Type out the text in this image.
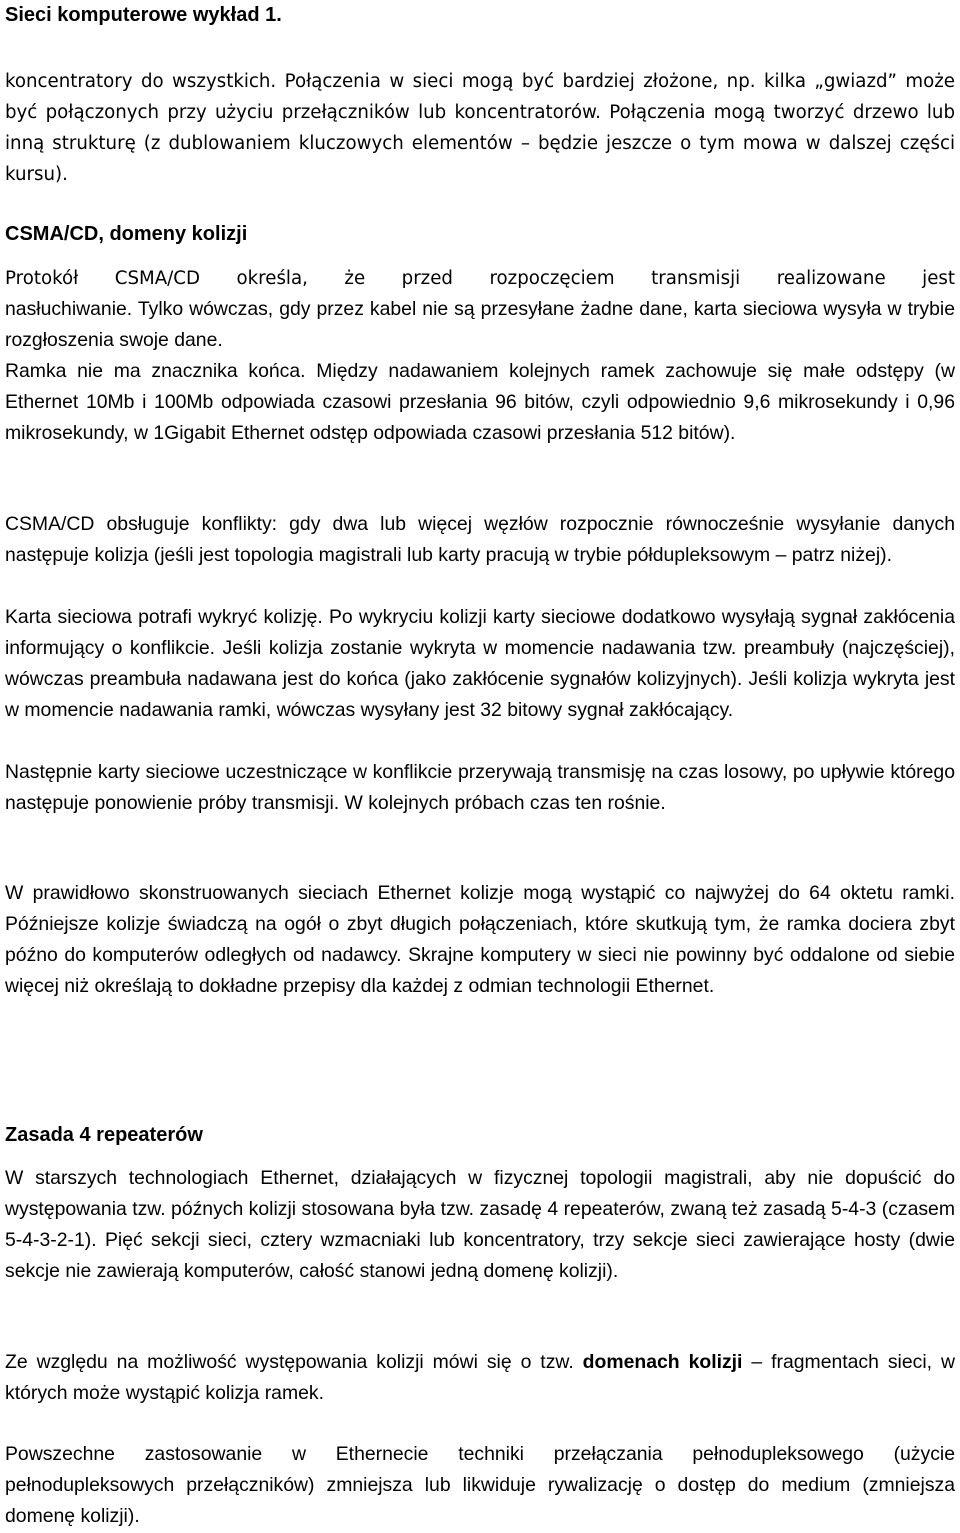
Sieci komputerowe wykład 1.
koncentratory do wszystkich. Połączenia w sieci mogą być bardziej złożone, np. kilka „gwiazd” może być połączonych przy użyciu przełączników lub koncentratorów. Połączenia mogą tworzyć drzewo lub inną strukturę (z dublowaniem kluczowych elementów – będzie jeszcze o tym mowa w dalszej części kursu).
CSMA/CD, domeny kolizji

Protokół CSMA/CD określa, że przed rozpoczęciem transmisji realizowane jest

nasłuchiwanie. Tylko wówczas, gdy przez kabel nie są przesyłane żadne dane, karta sieciowa wysyła w trybie rozgłoszenia swoje dane.

Ramka nie ma znacznika końca. Między nadawaniem kolejnych ramek zachowuje się małe odstępy (w Ethernet 10Mb i 100Mb odpowiada czasowi przesłania 96 bitów, czyli odpowiednio 9,6 mikrosekundy i 0,96 mikrosekundy, w 1Gigabit Ethernet odstęp odpowiada czasowi przesłania 512 bitów).
CSMA/CD obsługuje konflikty: gdy dwa lub więcej węzłów rozpocznie równocześnie wysyłanie danych następuje kolizja (jeśli jest topologia magistrali lub karty pracują w trybie półdupleksowym – patrz niżej).
Karta sieciowa potrafi wykryć kolizję. Po wykryciu kolizji karty sieciowe dodatkowo wysyłają sygnał zakłócenia informujący o konflikcie. Jeśli kolizja zostanie wykryta w momencie nadawania tzw. preambuły (najczęściej), wówczas preambuła nadawana jest do końca (jako zakłócenie sygnałów kolizyjnych). Jeśli kolizja wykryta jest w momencie nadawania ramki, wówczas wysyłany jest 32 bitowy sygnał zakłócający.
Następnie karty sieciowe uczestniczące w konflikcie przerywają transmisję na czas losowy, po upływie którego następuje ponowienie próby transmisji. W kolejnych próbach czas ten rośnie.
W prawidłowo skonstruowanych sieciach Ethernet kolizje mogą wystąpić co najwyżej do 64 oktetu ramki. Późniejsze kolizje świadczą na ogół o zbyt długich połączeniach, które skutkują tym, że ramka dociera zbyt późno do komputerów odległych od nadawcy. Skrajne komputery w sieci nie powinny być oddalone od siebie więcej niż określają to dokładne przepisy dla każdej z odmian technologii Ethernet.
Zasada 4 repeaterów
W starszych technologiach Ethernet, działających w fizycznej topologii magistrali, aby nie dopuścić do występowania tzw. późnych kolizji stosowana była tzw. zasadę 4 repeaterów, zwaną też zasadą 5-4-3 (czasem 5-4-3-2-1). Pięć sekcji sieci, cztery wzmacniaki lub koncentratory, trzy sekcje sieci zawierające hosty (dwie sekcje nie zawierają komputerów, całość stanowi jedną domenę kolizji).
Ze względu na możliwość występowania kolizji mówi się o tzw. domenach kolizji – fragmentach sieci, w których może wystąpić kolizja ramek.
Powszechne zastosowanie w Ethernecie techniki przełączania pełnodupleksowego (użycie pełnodupleksowych przełączników) zmniejsza lub likwiduje rywalizację o dostęp do medium (zmniejsza domenę kolizji).
